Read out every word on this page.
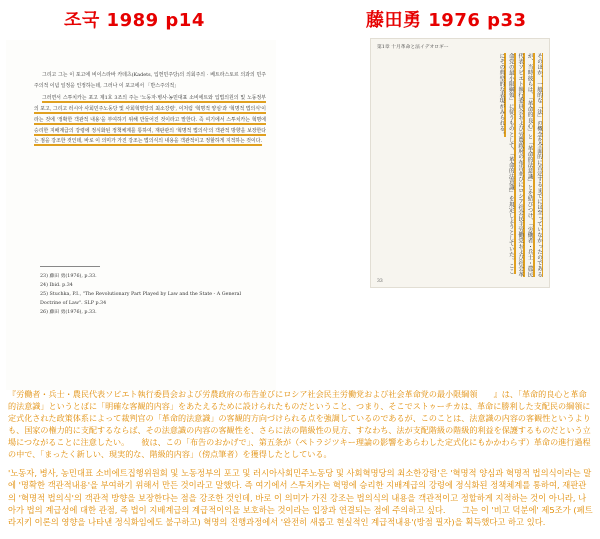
조국 1989 p14	藤田勇 1976 p33

그리고 그는 이 포고에 비이스라바 카데츠(Kadets, 입헌민주당)의 의회주의 · 베트라스토르 의과의 민주주의적 이념 일정을 인정하는데, 그러나 이 포고에서 「반스주의적」

그러면서 스투치카는 포고 제1호 3조의 주는 '노동자·병사·농민대표 소비에트와 입법의원의 및 노동정부의 포고, 그리고 러시아 사회민주노동당 및 사회혁명당의 최소강령', 이처럼 '혁명적 양심'과 '혁명적 법의식'이라는 것에 '정확한 객관적 내용'을 부여하기 위해 만들어진 것이라고 말한다. 즉 여기에서 스투치카는 혁명에 승리한 지배계급의 강령에 정식화된 정책체계를 통하여, 재판관의 '혁명적 법의식'의 객관적 방향을 보장한다는 점을 강조한 것인데, 바로 이 의미가 가진 강조는 법의식의 내용을 객관적이고 정할하게 지적하는 것이다.

23) 藤田 勇(1976), p.33.
24) Ibid. p.34
25) Stuchka, P.I., "The Revolutionary Part Played by Law and the State - A General Doctrine of Law". SLP p.34
26) 藤田 勇(1976), p.33.
第1章 十月革命と法イデオロギー
そのほか、一般的な「法」の概念を全面的に否定するまでには至っていなかったのであるが、当時彼らは、「革命的良心」と「革命的法意識」とを結びつけ、「労働者・兵士・農民代表ソビエト執行委員会および労農政府の布告並びにロシア社会民主労働党および社会革命党の最小限綱領」に従うものとして、「革命的法意識」を規定しようとしていた。ここにその典型的な表現がみられる。
33
『労働者・兵士・農民代表ソビエト執行委員会および労農政府の布告並びにロシア社会民主労働党および社会革命党の最小限綱領　　』は、「革命的良心と革命的法意識」というとばに「明確な客観的内容」をあたえるために設けられたものだということ、つまり、そこでストゥーチカは、革命に勝利した支配民の綱領に定式化された政策体系によって裁判官の「革命的法意識」の客観的方向づけられる点を強調しているのであるが、このことは、法意識の内容の客観性というよりも、国家の権力的に支配するならば、その法意識の内容の客観性を、さらに法の階級性の見方、すなわち、法が支配階級の階級的利益を保護するものだという立場につながることに注意したい。　　彼は、この「布告のおかげで」、第五条が（ペトラジツキー理論の影響をあらわした定式化にもかかわらず）革命の進行過程の中で、「まったく新しい、現実的な、階級的内容」（傍点筆者）を獲得したとしている。
'노동자, 병사, 농민대표 소비에트집행위원회 및 노동정부의 포고 및 러시아사회민주노동당 및 사회혁명당의 최소한강령'은 '혁명적 양심과 혁명적 법의식이라는 말에 '명확한 객관적내용'을 부여하기 위해서 만든 것이라고 말했다. 즉 여기에서 스투치카는 혁명에 승리한 지배계급의 강령에 정식화된 정책체계를 통하여, 재판관의 '혁명적 법의식'의 객관적 방향을 보장한다는 점을 강조한 것인데, 바로 이 의미가 가진 강조는 법의식의 내용을 객관적이고 정할하게 지적하는 것이 아니라, 나아가 법의 계급성에 대한 관점, 즉 법이 지배계급의 계급적이익을 보호하는 것이라는 입장과 연결되는 점에 주의하고 싶다.　　그는 이 '비고 덕분에' 제5조가 (페트라지키 이론의 영향을 나타낸 정식화임에도 불구하고) 혁명의 진행과정에서 '완전히 새롭고 현실적인 계급적내용'(방점 필자)을 획득했다고 하고 있다.
